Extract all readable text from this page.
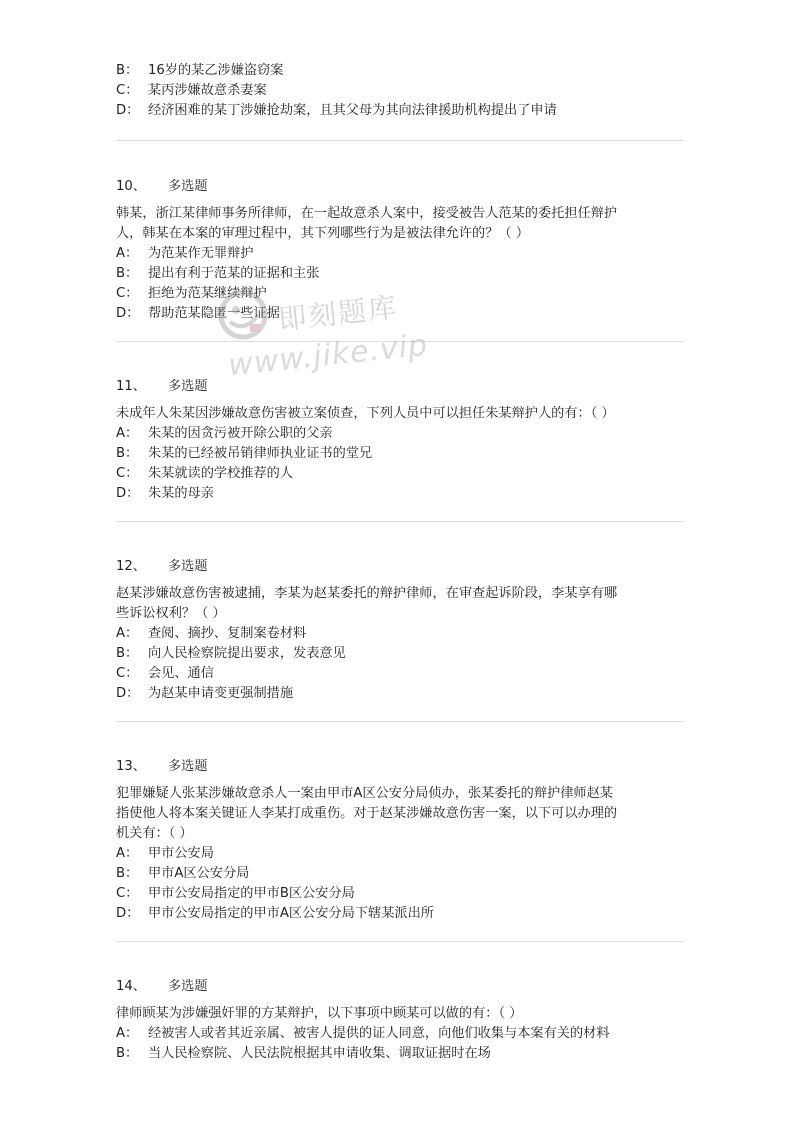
B： 16岁的某乙涉嫌盗窃案
C： 某丙涉嫌故意杀妻案
D： 经济困难的某丁涉嫌抢劫案，且其父母为其向法律援助机构提出了申请
10、 多选题
韩某，浙江某律师事务所律师，在一起故意杀人案中，接受被告人范某的委托担任辩护
人，韩某在本案的审理过程中，其下列哪些行为是被法律允许的？（ ）
A： 为范某作无罪辩护
B： 提出有利于范某的证据和主张
C： 拒绝为范某继续辩护
D： 帮助范某隐匿一些证据
11、 多选题
未成年人朱某因涉嫌故意伤害被立案侦查，下列人员中可以担任朱某辩护人的有：（ ）
A： 朱某的因贪污被开除公职的父亲
B： 朱某的已经被吊销律师执业证书的堂兄
C： 朱某就读的学校推荐的人
D： 朱某的母亲
12、 多选题
赵某涉嫌故意伤害被逮捕，李某为赵某委托的辩护律师，在审查起诉阶段，李某享有哪
些诉讼权利？（ ）
A： 查阅、摘抄、复制案卷材料
B： 向人民检察院提出要求，发表意见
C： 会见、通信
D： 为赵某申请变更强制措施
13、 多选题
犯罪嫌疑人张某涉嫌故意杀人一案由甲市A区公安分局侦办，张某委托的辩护律师赵某
指使他人将本案关键证人李某打成重伤。对于赵某涉嫌故意伤害一案，以下可以办理的
机关有：（ ）
A： 甲市公安局
B： 甲市A区公安分局
C： 甲市公安局指定的甲市B区公安分局
D： 甲市公安局指定的甲市A区公安分局下辖某派出所
14、 多选题
律师顾某为涉嫌强奸罪的方某辩护，以下事项中顾某可以做的有：（ ）
A： 经被害人或者其近亲属、被害人提供的证人同意，向他们收集与本案有关的材料
B： 当人民检察院、人民法院根据其申请收集、调取证据时在场
即刻题库
www.jike.vip
